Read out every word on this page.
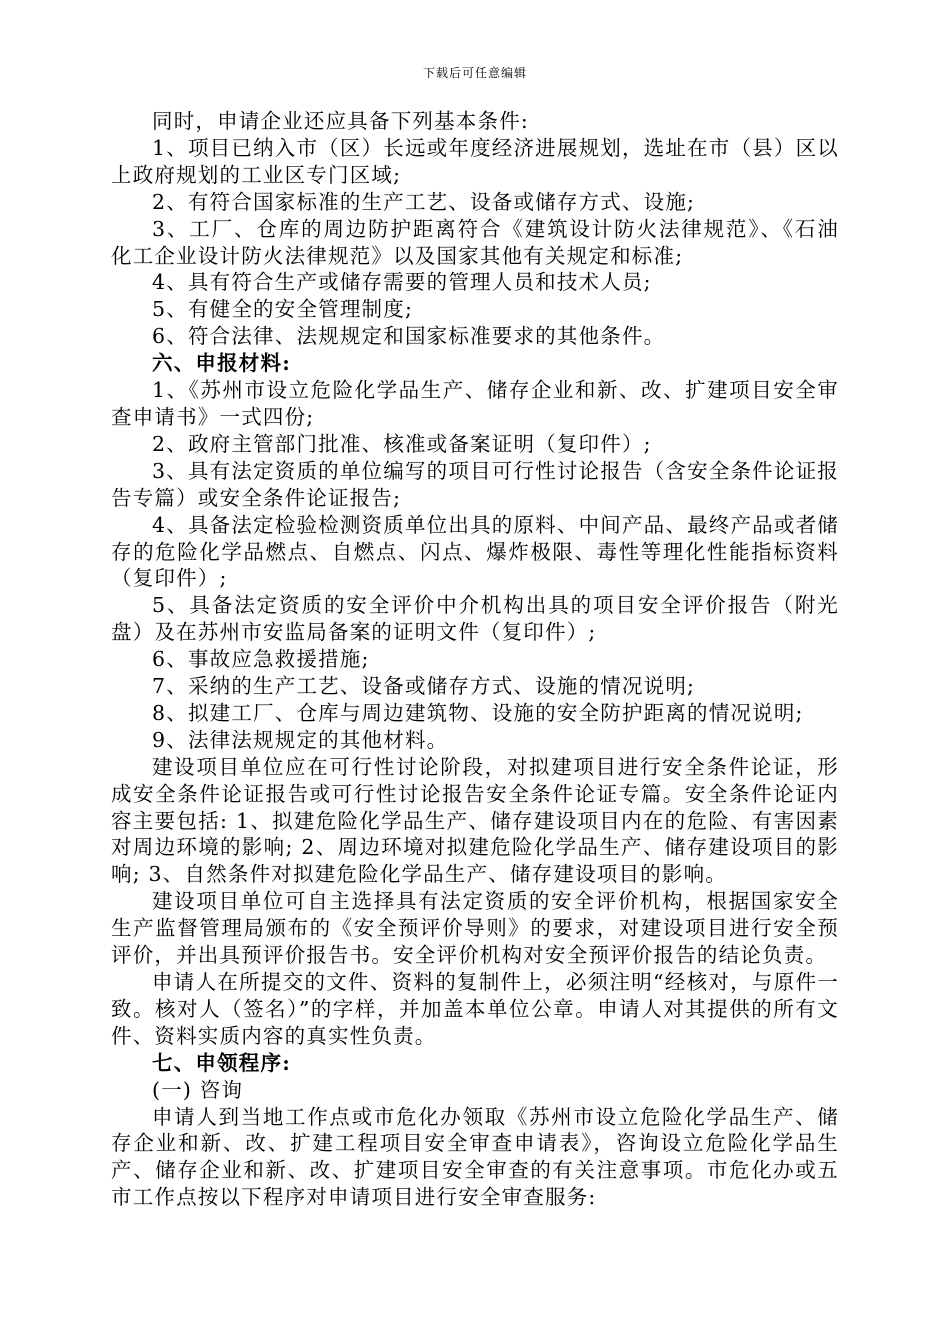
下载后可任意编辑

同时，申请企业还应具备下列基本条件:

1、项目已纳入市（区）长远或年度经济进展规划，选址在市（县）区以上政府规划的工业区专门区域;

2、有符合国家标准的生产工艺、设备或储存方式、设施;

3、工厂、仓库的周边防护距离符合《建筑设计防火法律规范》、《石油化工企业设计防火法律规范》以及国家其他有关规定和标准;

4、具有符合生产或储存需要的管理人员和技术人员;

5、有健全的安全管理制度;

6、符合法律、法规规定和国家标准要求的其他条件。

六、申报材料:

1、《苏州市设立危险化学品生产、储存企业和新、改、扩建项目安全审查申请书》一式四份;

2、政府主管部门批准、核准或备案证明（复印件）;

3、具有法定资质的单位编写的项目可行性讨论报告（含安全条件论证报告专篇）或安全条件论证报告;

4、具备法定检验检测资质单位出具的原料、中间产品、最终产品或者储存的危险化学品燃点、自燃点、闪点、爆炸极限、毒性等理化性能指标资料（复印件）;

5、具备法定资质的安全评价中介机构出具的项目安全评价报告（附光盘）及在苏州市安监局备案的证明文件（复印件）;

6、事故应急救援措施;

7、采纳的生产工艺、设备或储存方式、设施的情况说明;

8、拟建工厂、仓库与周边建筑物、设施的安全防护距离的情况说明;

9、法律法规规定的其他材料。

建设项目单位应在可行性讨论阶段，对拟建项目进行安全条件论证，形成安全条件论证报告或可行性讨论报告安全条件论证专篇。安全条件论证内容主要包括: 1、拟建危险化学品生产、储存建设项目内在的危险、有害因素对周边环境的影响; 2、周边环境对拟建危险化学品生产、储存建设项目的影响; 3、自然条件对拟建危险化学品生产、储存建设项目的影响。

建设项目单位可自主选择具有法定资质的安全评价机构，根据国家安全生产监督管理局颁布的《安全预评价导则》的要求，对建设项目进行安全预评价，并出具预评价报告书。安全评价机构对安全预评价报告的结论负责。

申请人在所提交的文件、资料的复制件上，必须注明“经核对，与原件一致。核对人（签名）”的字样，并加盖本单位公章。申请人对其提供的所有文件、资料实质内容的真实性负责。

七、申领程序:

(一) 咨询

申请人到当地工作点或市危化办领取《苏州市设立危险化学品生产、储存企业和新、改、扩建工程项目安全审查申请表》，咨询设立危险化学品生产、储存企业和新、改、扩建项目安全审查的有关注意事项。市危化办或五市工作点按以下程序对申请项目进行安全审查服务:
